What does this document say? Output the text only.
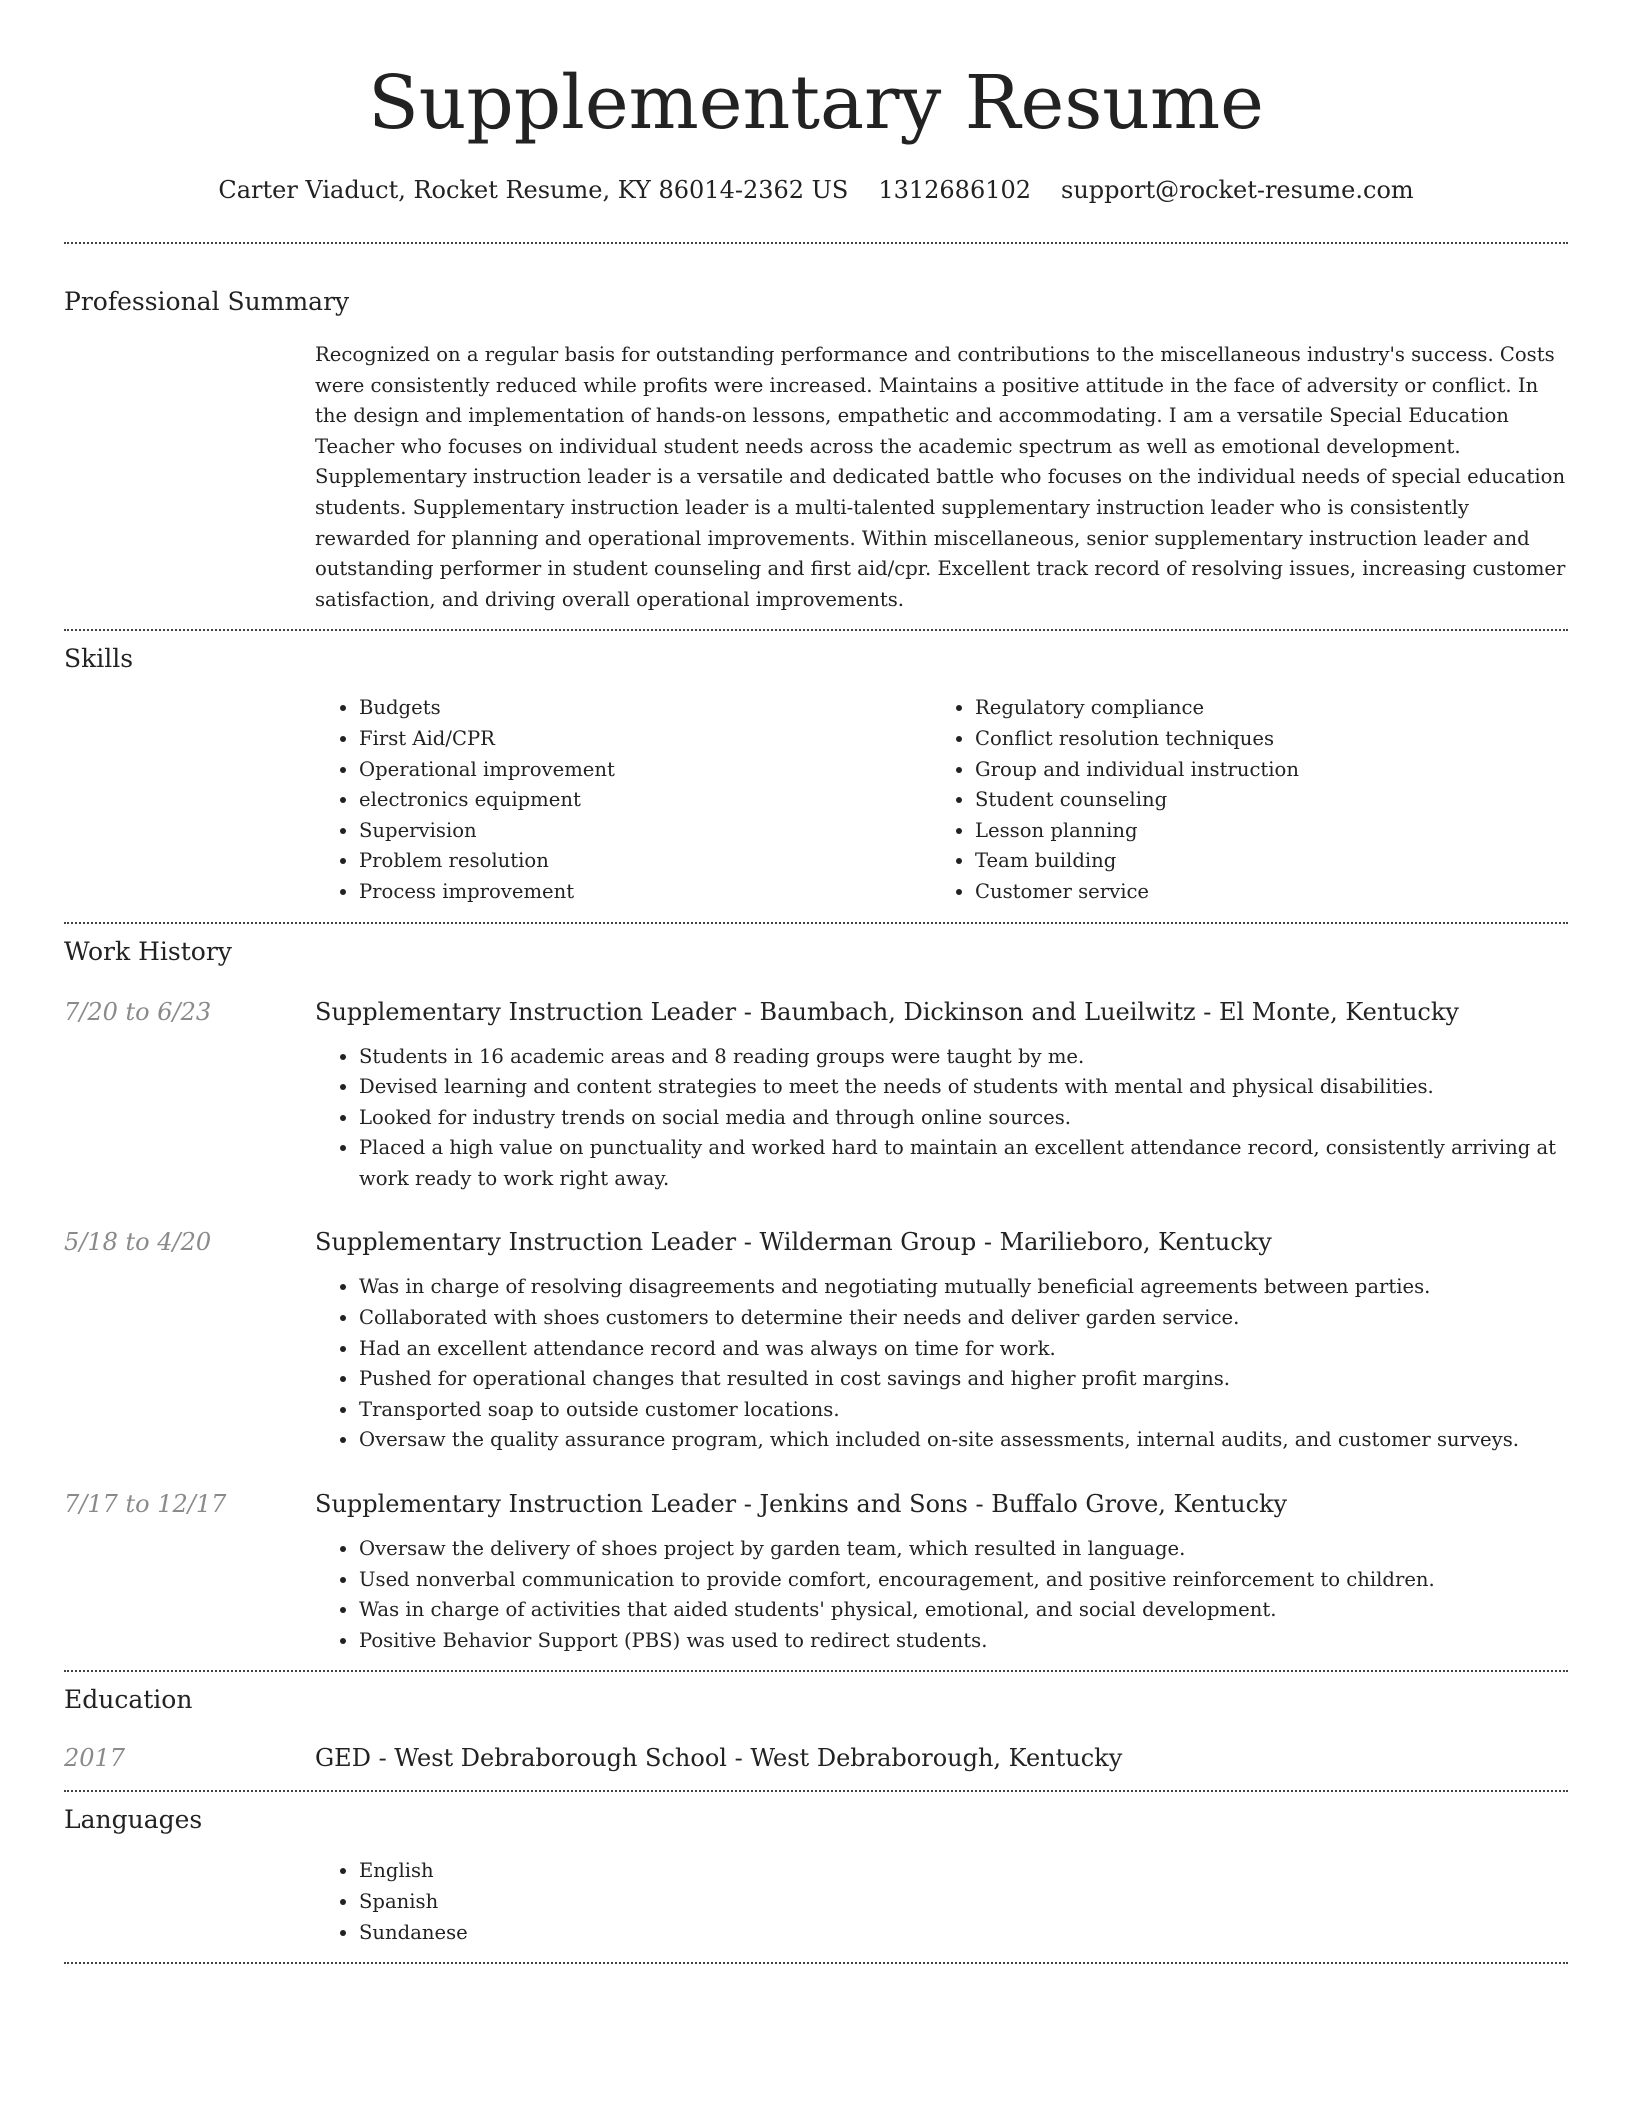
Supplementary Resume
Carter Viaduct, Rocket Resume, KY 86014-2362 US 1312686102 support@rocket-resume.com
Professional Summary
Recognized on a regular basis for outstanding performance and contributions to the miscellaneous industry's success. Costs were consistently reduced while profits were increased. Maintains a positive attitude in the face of adversity or conflict. In the design and implementation of hands-on lessons, empathetic and accommodating. I am a versatile Special Education Teacher who focuses on individual student needs across the academic spectrum as well as emotional development. Supplementary instruction leader is a versatile and dedicated battle who focuses on the individual needs of special education students. Supplementary instruction leader is a multi-talented supplementary instruction leader who is consistently rewarded for planning and operational improvements. Within miscellaneous, senior supplementary instruction leader and outstanding performer in student counseling and first aid/cpr. Excellent track record of resolving issues, increasing customer satisfaction, and driving overall operational improvements.
Skills
• Budgets
• First Aid/CPR
• Operational improvement
• electronics equipment
• Supervision
• Problem resolution
• Process improvement
• Regulatory compliance
• Conflict resolution techniques
• Group and individual instruction
• Student counseling
• Lesson planning
• Team building
• Customer service
Work History
7/20 to 6/23	Supplementary Instruction Leader - Baumbach, Dickinson and Lueilwitz - El Monte, Kentucky
• Students in 16 academic areas and 8 reading groups were taught by me.
• Devised learning and content strategies to meet the needs of students with mental and physical disabilities.
• Looked for industry trends on social media and through online sources.
• Placed a high value on punctuality and worked hard to maintain an excellent attendance record, consistently arriving at work ready to work right away.
5/18 to 4/20	Supplementary Instruction Leader - Wilderman Group - Marilieboro, Kentucky
• Was in charge of resolving disagreements and negotiating mutually beneficial agreements between parties.
• Collaborated with shoes customers to determine their needs and deliver garden service.
• Had an excellent attendance record and was always on time for work.
• Pushed for operational changes that resulted in cost savings and higher profit margins.
• Transported soap to outside customer locations.
• Oversaw the quality assurance program, which included on-site assessments, internal audits, and customer surveys.
7/17 to 12/17	Supplementary Instruction Leader - Jenkins and Sons - Buffalo Grove, Kentucky
• Oversaw the delivery of shoes project by garden team, which resulted in language.
• Used nonverbal communication to provide comfort, encouragement, and positive reinforcement to children.
• Was in charge of activities that aided students' physical, emotional, and social development.
• Positive Behavior Support (PBS) was used to redirect students.
Education
2017	GED - West Debraborough School - West Debraborough, Kentucky
Languages
• English
• Spanish
• Sundanese
